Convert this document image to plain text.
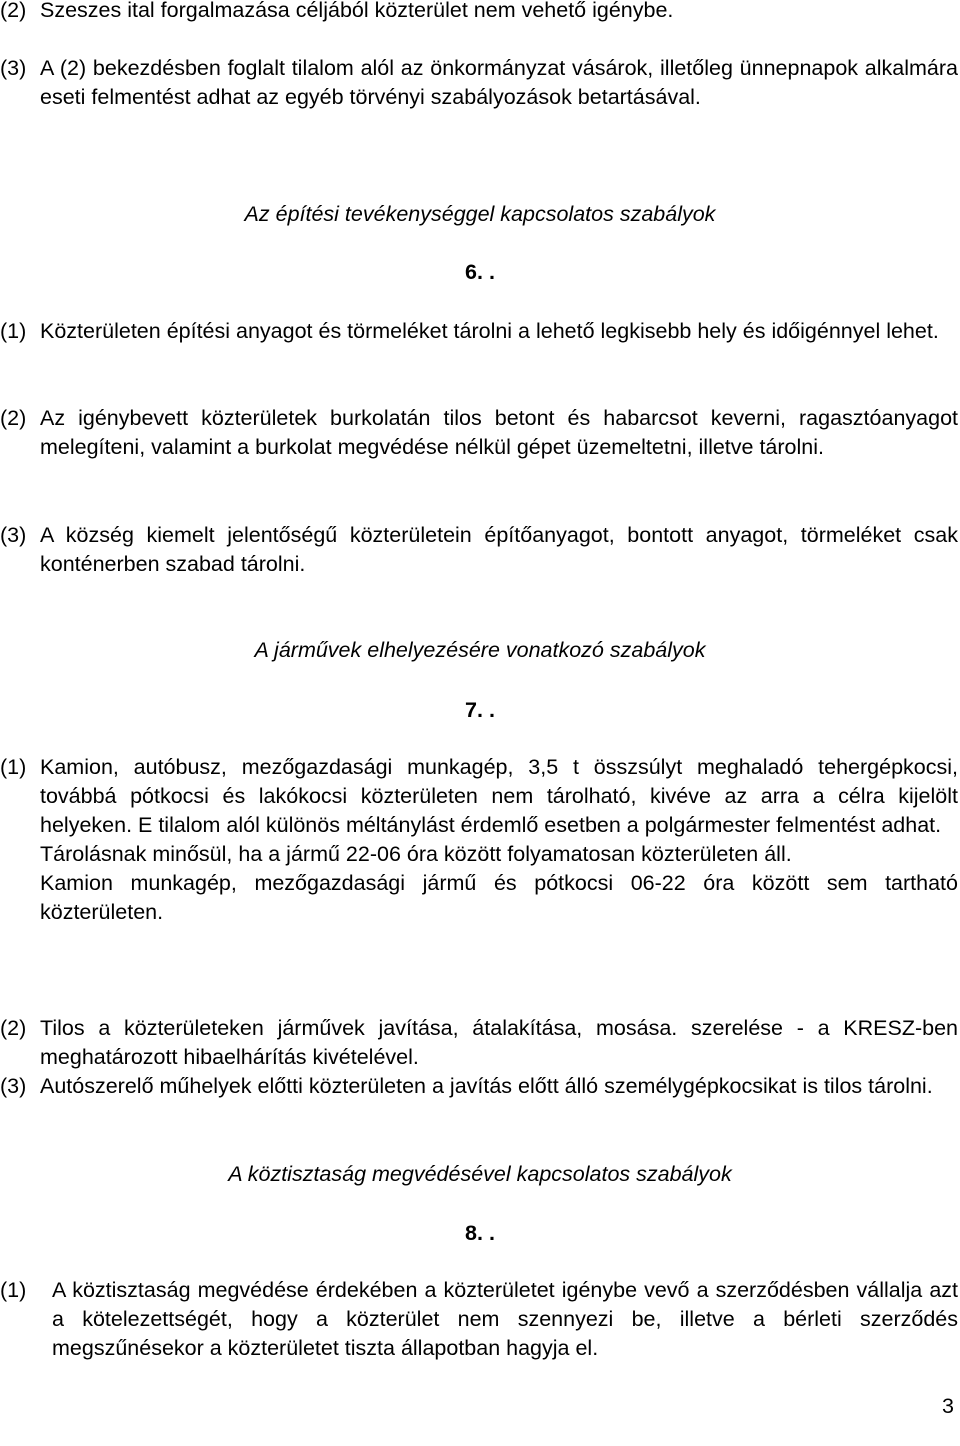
(2) Szeszes ital forgalmazása céljából közterület nem vehető igénybe.
(3) A (2) bekezdésben foglalt tilalom alól az önkormányzat vásárok, illetőleg ünnepnapok alkalmára eseti felmentést adhat az egyéb törvényi szabályozások betartásával.
Az építési tevékenységgel kapcsolatos szabályok
6. .
(1) Közterületen építési anyagot és törmeléket tárolni a lehető legkisebb hely és időigénnyel lehet.
(2) Az igénybevett közterületek burkolatán tilos betont és habarcsot keverni, ragasztóanyagot melegíteni, valamint a burkolat megvédése nélkül gépet üzemeltetni, illetve tárolni.
(3) A község kiemelt jelentőségű közterületein építőanyagot, bontott anyagot, törmeléket csak konténerben szabad tárolni.
A járművek elhelyezésére vonatkozó szabályok
7. .
(1) Kamion, autóbusz, mezőgazdasági munkagép, 3,5 t összsúlyt meghaladó tehergépkocsi, továbbá pótkocsi és lakókocsi közterületen nem tárolható, kivéve az arra a célra kijelölt helyeken. E tilalom alól különös méltánylást érdemlő esetben a polgármester felmentést adhat.
Tárolásnak minősül, ha a jármű 22-06 óra között folyamatosan közterületen áll.
Kamion munkagép, mezőgazdasági jármű és pótkocsi 06-22 óra között sem tartható közterületen.
(2) Tilos a közterületeken járművek javítása, átalakítása, mosása. szerelése - a KRESZ-ben meghatározott hibaelhárítás kivételével.
(3) Autószerelő műhelyek előtti közterületen a javítás előtt álló személygépkocsikat is tilos tárolni.
A köztisztaság megvédésével kapcsolatos szabályok
8. .
(1) A köztisztaság megvédése érdekében a közterületet igénybe vevő a szerződésben vállalja azt a kötelezettségét, hogy a közterület nem szennyezi be, illetve a bérleti szerződés megszűnésekor a közterületet tiszta állapotban hagyja el.
3
